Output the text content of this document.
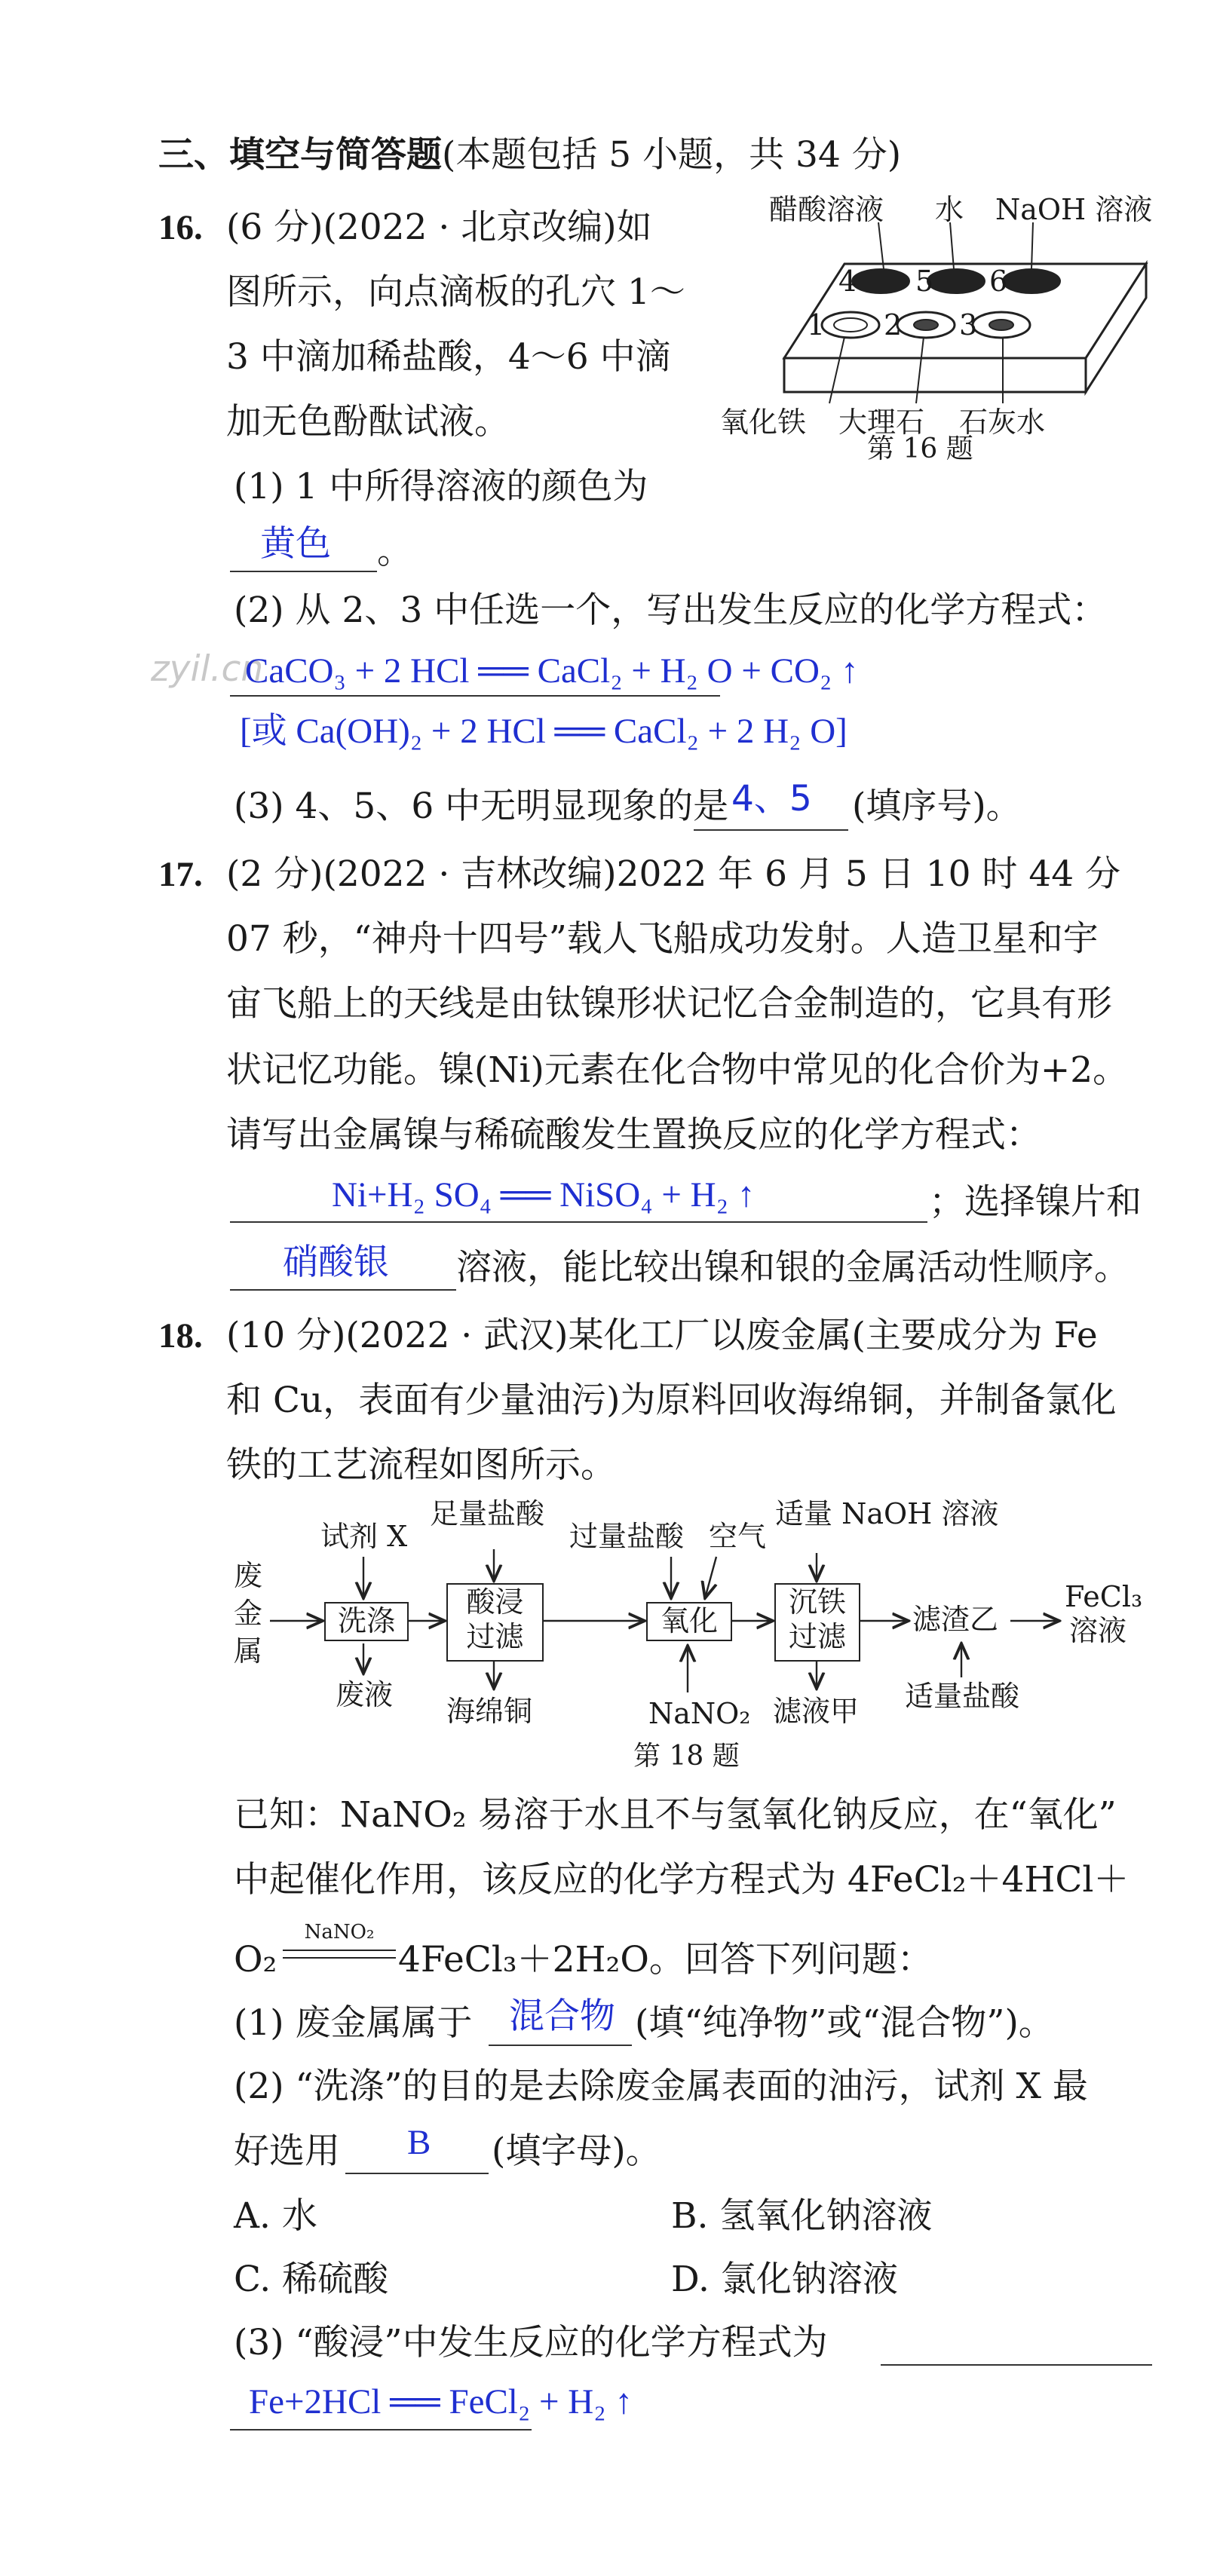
三、填空与简答题(本题包括 5 小题，共 34 分)
16. (6 分)(2022 · 北京改编)如
图所示，向点滴板的孔穴 1～
3 中滴加稀盐酸，4～6 中滴
加无色酚酞试液。
醋酸溶液 水 NaOH 溶液
4 5 6
1 2 3
氧化铁 大理石 石灰水
第 16 题
(1) 1 中所得溶液的颜色为
黄色 。
(2) 从 2、3 中任选一个，写出发生反应的化学方程式：
zyil.cn
CaCO₃ + 2 HCl ══ CaCl₂ + H₂ O + CO₂ ↑
[或 Ca(OH)₂ + 2 HCl ══ CaCl₂ + 2 H₂ O]
(3) 4、5、6 中无明显现象的是 4、5 (填序号)。
17. (2 分)(2022 · 吉林改编)2022 年 6 月 5 日 10 时 44 分
07 秒，“神舟十四号”载人飞船成功发射。人造卫星和宇
宙飞船上的天线是由钛镍形状记忆合金制造的，它具有形
状记忆功能。镍(Ni)元素在化合物中常见的化合价为+2。
请写出金属镍与稀硫酸发生置换反应的化学方程式：
Ni+H₂ SO₄ ══ NiSO₄ + H₂ ↑	；选择镍片和
硝酸银 溶液，能比较出镍和银的金属活动性顺序。
18. (10 分)(2022 · 武汉)某化工厂以废金属(主要成分为 Fe
和 Cu，表面有少量油污)为原料回收海绵铜，并制备氯化
铁的工艺流程如图所示。
废金属
试剂 X
洗涤
废液
足量盐酸
酸浸
过滤
海绵铜
过量盐酸 空气
氧化
NaNO₂
适量 NaOH 溶液
沉铁
过滤
滤液甲
滤渣乙
适量盐酸
FeCl₃
溶液
第 18 题
已知：NaNO₂ 易溶于水且不与氢氧化钠反应，在“氧化”
中起催化作用，该反应的化学方程式为 4FeCl₂＋4HCl＋
O₂
NaNO₂
4FeCl₃＋2H₂O。回答下列问题：
(1) 废金属属于 混合物 (填“纯净物”或“混合物”)。
(2) “洗涤”的目的是去除废金属表面的油污，试剂 X 最
好选用 B (填字母)。
A. 水	B. 氢氧化钠溶液
C. 稀硫酸	D. 氯化钠溶液
(3) “酸浸”中发生反应的化学方程式为
Fe+2HCl ══ FeCl₂ + H₂ ↑
